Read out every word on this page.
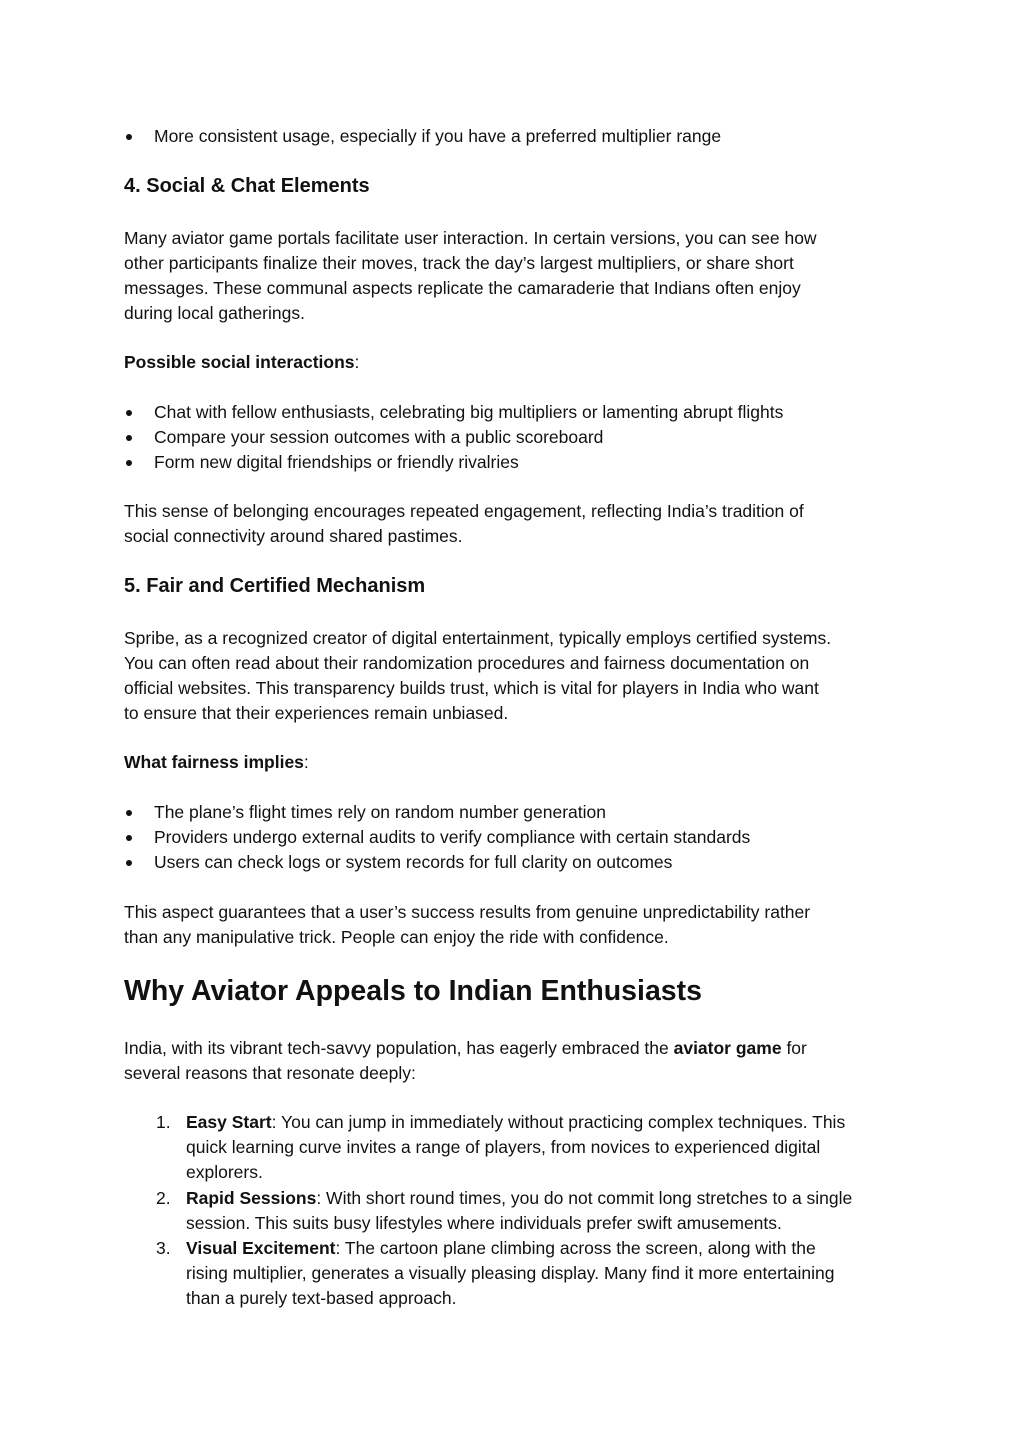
More consistent usage, especially if you have a preferred multiplier range
4. Social & Chat Elements
Many aviator game portals facilitate user interaction. In certain versions, you can see how
other participants finalize their moves, track the day’s largest multipliers, or share short
messages. These communal aspects replicate the camaraderie that Indians often enjoy
during local gatherings.
Possible social interactions:
Chat with fellow enthusiasts, celebrating big multipliers or lamenting abrupt flights
Compare your session outcomes with a public scoreboard
Form new digital friendships or friendly rivalries
This sense of belonging encourages repeated engagement, reflecting India’s tradition of
social connectivity around shared pastimes.
5. Fair and Certified Mechanism
Spribe, as a recognized creator of digital entertainment, typically employs certified systems.
You can often read about their randomization procedures and fairness documentation on
official websites. This transparency builds trust, which is vital for players in India who want
to ensure that their experiences remain unbiased.
What fairness implies:
The plane’s flight times rely on random number generation
Providers undergo external audits to verify compliance with certain standards
Users can check logs or system records for full clarity on outcomes
This aspect guarantees that a user’s success results from genuine unpredictability rather
than any manipulative trick. People can enjoy the ride with confidence.
Why Aviator Appeals to Indian Enthusiasts
India, with its vibrant tech-savvy population, has eagerly embraced the aviator game for
several reasons that resonate deeply:
1. Easy Start: You can jump in immediately without practicing complex techniques. This
quick learning curve invites a range of players, from novices to experienced digital
explorers.
2. Rapid Sessions: With short round times, you do not commit long stretches to a single
session. This suits busy lifestyles where individuals prefer swift amusements.
3. Visual Excitement: The cartoon plane climbing across the screen, along with the
rising multiplier, generates a visually pleasing display. Many find it more entertaining
than a purely text-based approach.
